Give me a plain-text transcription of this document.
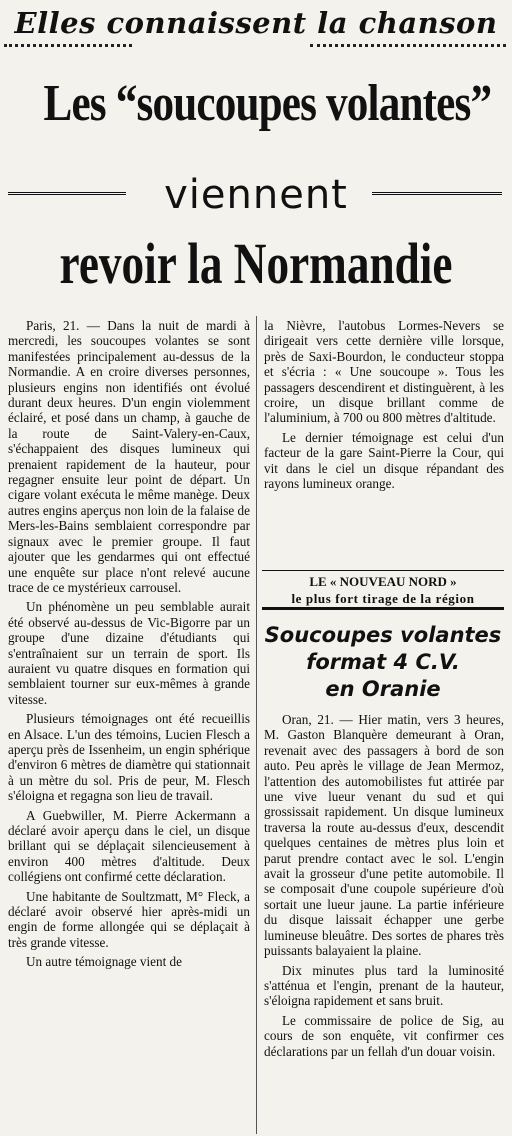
Elles connaissent la chanson
Les “soucoupes volantes”
viennent
revoir la Normandie

Paris, 21. — Dans la nuit de mardi à mercredi, les soucoupes volantes se sont manifestées principalement au-dessus de la Normandie. A en croire diverses personnes, plusieurs engins non identifiés ont évolué durant deux heures. D'un engin violemment éclairé, et posé dans un champ, à gauche de la route de Saint-Valery-en-Caux, s'échappaient des disques lumineux qui prenaient rapidement de la hauteur, pour regagner ensuite leur point de départ. Un cigare volant exécuta le même manège. Deux autres engins aperçus non loin de la falaise de Mers-les-Bains semblaient correspondre par signaux avec le premier groupe. Il faut ajouter que les gendarmes qui ont effectué une enquête sur place n'ont relevé aucune trace de ce mystérieux carrousel.

Un phénomène un peu semblable aurait été observé au-dessus de Vic-Bigorre par un groupe d'une dizaine d'étudiants qui s'entraînaient sur un terrain de sport. Ils auraient vu quatre disques en formation qui semblaient tourner sur eux-mêmes à grande vitesse.

Plusieurs témoignages ont été recueillis en Alsace. L'un des témoins, Lucien Flesch a aperçu près de Issenheim, un engin sphérique d'environ 6 mètres de diamètre qui stationnait à un mètre du sol. Pris de peur, M. Flesch s'éloigna et regagna son lieu de travail.

A Guebwiller, M. Pierre Ackermann a déclaré avoir aperçu dans le ciel, un disque brillant qui se déplaçait silencieusement à environ 400 mètres d'altitude. Deux collégiens ont confirmé cette déclaration.

Une habitante de Soultzmatt, M° Fleck, a déclaré avoir observé hier après-midi un engin de forme allongée qui se déplaçait à très grande vitesse.

Un autre témoignage vient de

la Nièvre, l'autobus Lormes-Nevers se dirigeait vers cette dernière ville lorsque, près de Saxi-Bourdon, le conducteur stoppa et s'écria : « Une soucoupe ». Tous les passagers descendirent et distinguèrent, à les croire, un disque brillant comme de l'aluminium, à 700 ou 800 mètres d'altitude.

Le dernier témoignage est celui d'un facteur de la gare Saint-Pierre la Cour, qui vit dans le ciel un disque répandant des rayons lumineux orange.

LE « NOUVEAU NORD »
le plus fort tirage de la région
Soucoupes volantes
format 4 C.V.
en Oranie

Oran, 21. — Hier matin, vers 3 heures, M. Gaston Blanquère demeurant à Oran, revenait avec des passagers à bord de son auto. Peu après le village de Jean Mermoz, l'attention des automobilistes fut attirée par une vive lueur venant du sud et qui grossissait rapidement. Un disque lumineux traversa la route au-dessus d'eux, descendit quelques centaines de mètres plus loin et parut prendre contact avec le sol. L'engin avait la grosseur d'une petite automobile. Il se composait d'une coupole supérieure d'où sortait une lueur jaune. La partie inférieure du disque laissait échapper une gerbe lumineuse bleuâtre. Des sortes de phares très puissants balayaient la plaine.

Dix minutes plus tard la luminosité s'atténua et l'engin, prenant de la hauteur, s'éloigna rapidement et sans bruit.

Le commissaire de police de Sig, au cours de son enquête, vit confirmer ces déclarations par un fellah d'un douar voisin.
